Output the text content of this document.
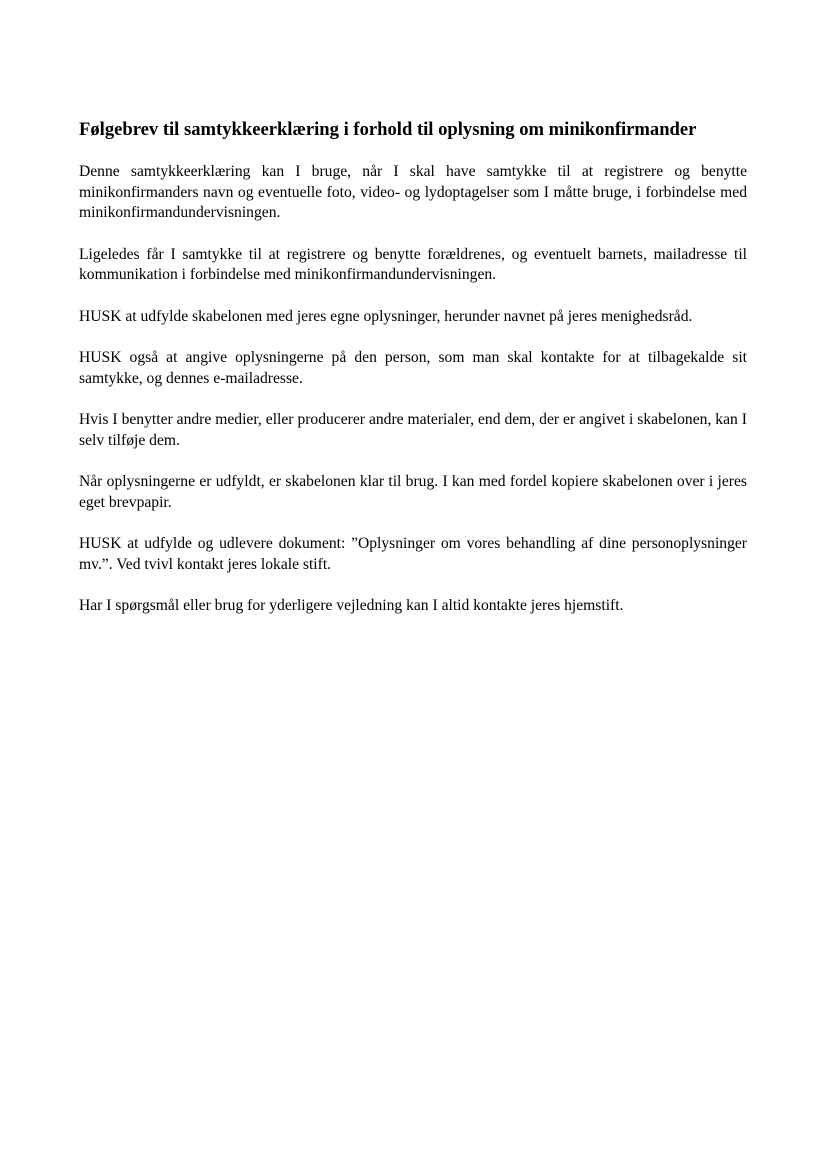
Følgebrev til samtykkeerklæring i forhold til oplysning om minikonfirmander

Denne samtykkeerklæring kan I bruge, når I skal have samtykke til at registrere og benytte minikonfirmanders navn og eventuelle foto, video- og lydoptagelser som I måtte bruge, i forbindelse med minikonfirmandundervisningen.

Ligeledes får I samtykke til at registrere og benytte forældrenes, og eventuelt barnets, mailadresse til kommunikation i forbindelse med minikonfirmandundervisningen.

HUSK at udfylde skabelonen med jeres egne oplysninger, herunder navnet på jeres menighedsråd.

HUSK også at angive oplysningerne på den person, som man skal kontakte for at tilbagekalde sit samtykke, og dennes e-mailadresse.

Hvis I benytter andre medier, eller producerer andre materialer, end dem, der er angivet i skabelonen, kan I selv tilføje dem.

Når oplysningerne er udfyldt, er skabelonen klar til brug. I kan med fordel kopiere skabelonen over i jeres eget brevpapir.

HUSK at udfylde og udlevere dokument: ”Oplysninger om vores behandling af dine personoplysninger mv.”. Ved tvivl kontakt jeres lokale stift.

Har I spørgsmål eller brug for yderligere vejledning kan I altid kontakte jeres hjemstift.
